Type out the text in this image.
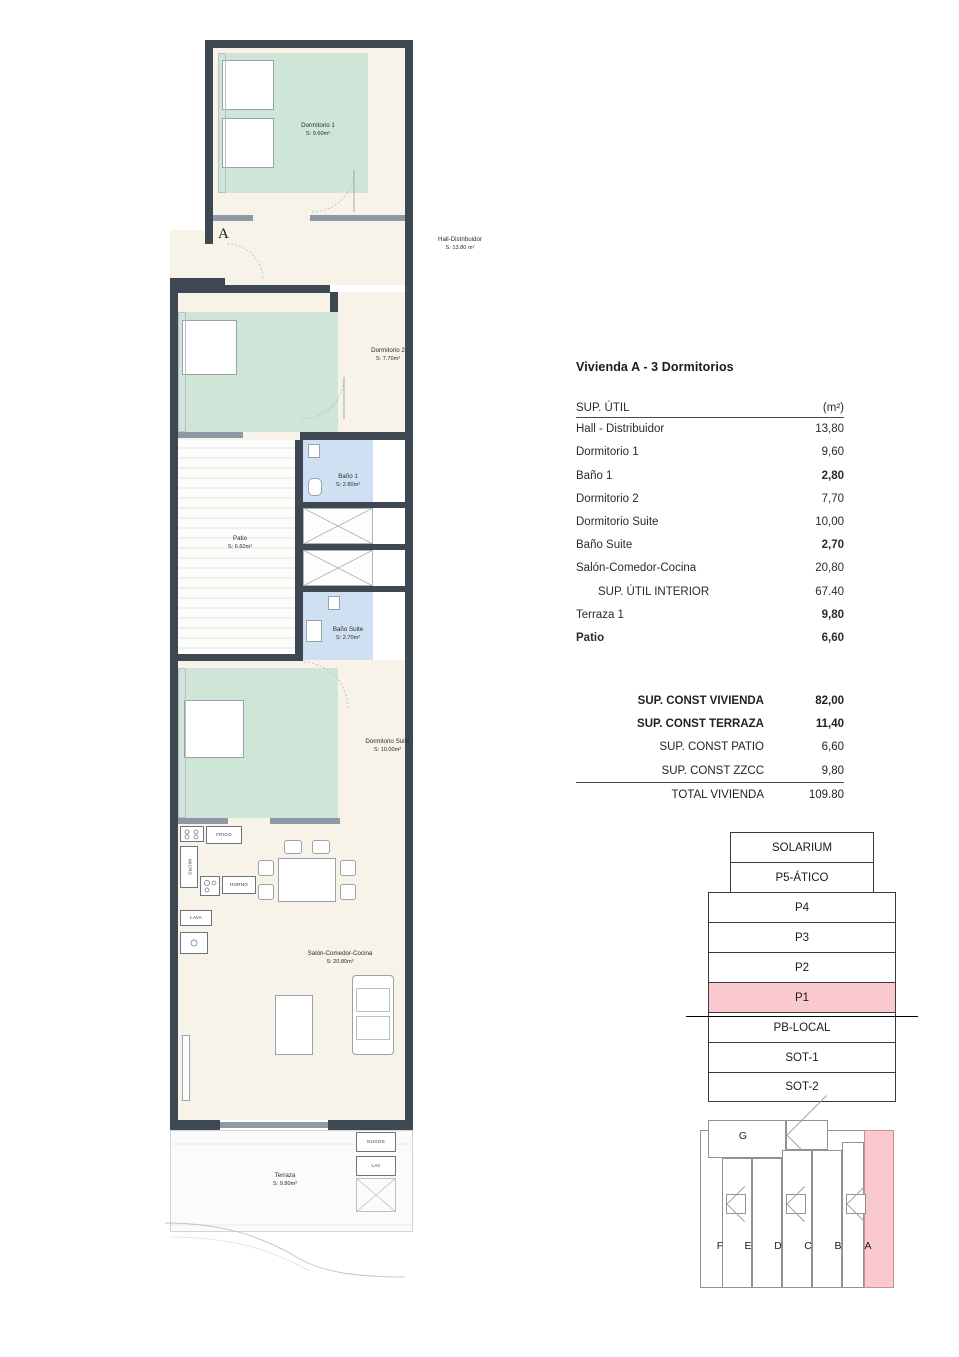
Dormitorio 1
S: 9.60m²
Hall-Distribuidor
S: 13.80 m²
A
Dormitorio 2
S: 7.70m²
Patio
S: 6.60m²
Baño 1
S: 2.80m²
Baño Suite
S: 2.70m²
Dormitorio Suite
S: 10.00m²
FRIGO
MICRO
HORNO
LAVA
Salón-Comedor-Cocina
S: 20.80m²
Terraza
S: 9.80m²
NUGOS
LAV
Vivienda A - 3 Dormitorios
SUP. ÚTIL	(m²)
Hall - Distribuidor	13,80
Dormitorio 1	9,60
Baño 1	2,80
Dormitorio 2	7,70
Dormitorio Suite	10,00
Baño Suite	2,70
Salón-Comedor-Cocina	20,80
SUP. ÚTIL INTERIOR	67.40
Terraza 1	9,80
Patio	6,60
SUP. CONST VIVIENDA	82,00
SUP. CONST TERRAZA	11,40
SUP. CONST PATIO	6,60
SUP. CONST ZZCC	9,80
TOTAL VIVIENDA	109.80
SOLARIUM
P5-ÁTICO
P4
P3
P2
P1
PB-LOCAL
SOT-1
SOT-2
G
F	E	D	C	B	A
